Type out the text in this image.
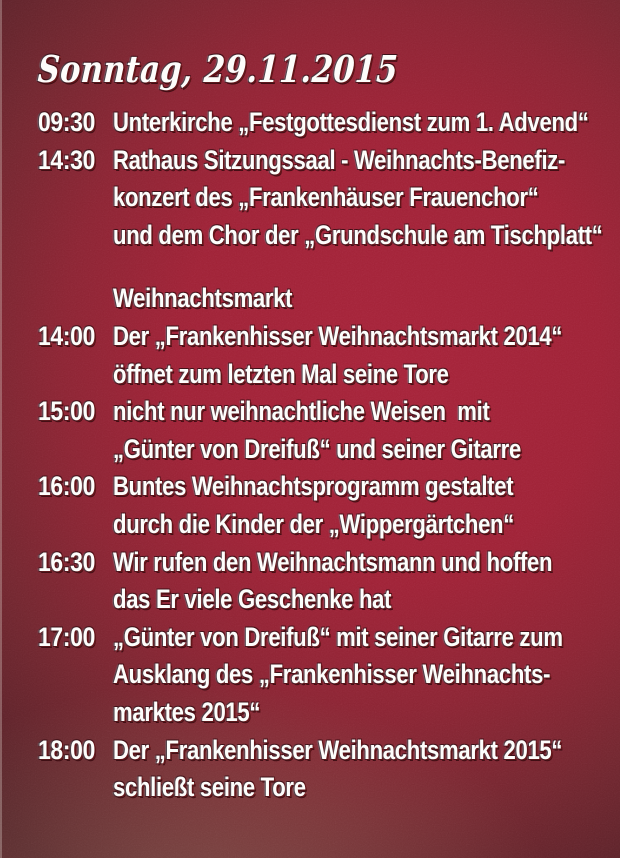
Sonntag, 29.11.2015
09:30 Unterkirche „Festgottesdienst zum 1. Advend“
14:30 Rathaus Sitzungssaal - Weihnachts-Benefiz-
konzert des „Frankenhäuser Frauenchor“
und dem Chor der „Grundschule am Tischplatt“
Weihnachtsmarkt
14:00 Der „Frankenhisser Weihnachtsmarkt 2014“
öffnet zum letzten Mal seine Tore
15:00 nicht nur weihnachtliche Weisen  mit
„Günter von Dreifuß“ und seiner Gitarre
16:00 Buntes Weihnachtsprogramm gestaltet
durch die Kinder der „Wippergärtchen“
16:30 Wir rufen den Weihnachtsmann und hoffen
das Er viele Geschenke hat
17:00 „Günter von Dreifuß“ mit seiner Gitarre zum
Ausklang des „Frankenhisser Weihnachts-
marktes 2015“
18:00 Der „Frankenhisser Weihnachtsmarkt 2015“
schließt seine Tore
